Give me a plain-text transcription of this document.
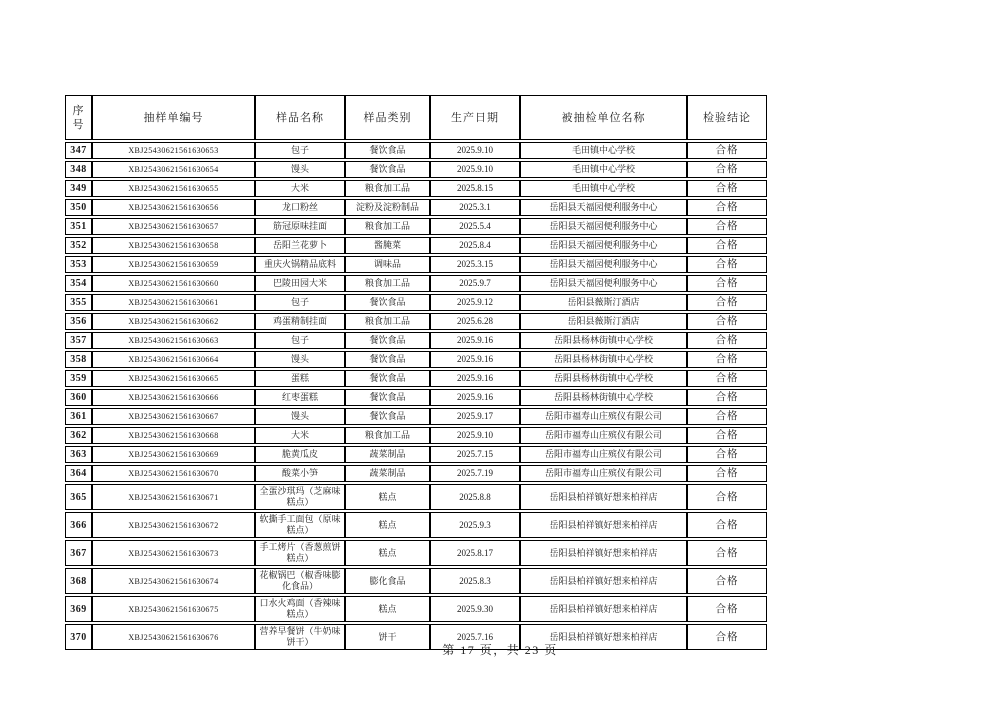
序号	抽样单编号	样品名称	样品类别	生产日期	被抽检单位名称	检验结论
347	XBJ25430621561630653	包子	餐饮食品	2025.9.10	毛田镇中心学校	合格
348	XBJ25430621561630654	馒头	餐饮食品	2025.9.10	毛田镇中心学校	合格
349	XBJ25430621561630655	大米	粮食加工品	2025.8.15	毛田镇中心学校	合格
350	XBJ25430621561630656	龙口粉丝	淀粉及淀粉制品	2025.3.1	岳阳县天福园便利服务中心	合格
351	XBJ25430621561630657	筋冠原味挂面	粮食加工品	2025.5.4	岳阳县天福园便利服务中心	合格
352	XBJ25430621561630658	岳阳兰花萝卜	酱腌菜	2025.8.4	岳阳县天福园便利服务中心	合格
353	XBJ25430621561630659	重庆火锅精品底料	调味品	2025.3.15	岳阳县天福园便利服务中心	合格
354	XBJ25430621561630660	巴陵田园大米	粮食加工品	2025.9.7	岳阳县天福园便利服务中心	合格
355	XBJ25430621561630661	包子	餐饮食品	2025.9.12	岳阳县薇斯汀酒店	合格
356	XBJ25430621561630662	鸡蛋精制挂面	粮食加工品	2025.6.28	岳阳县薇斯汀酒店	合格
357	XBJ25430621561630663	包子	餐饮食品	2025.9.16	岳阳县杨林街镇中心学校	合格
358	XBJ25430621561630664	馒头	餐饮食品	2025.9.16	岳阳县杨林街镇中心学校	合格
359	XBJ25430621561630665	蛋糕	餐饮食品	2025.9.16	岳阳县杨林街镇中心学校	合格
360	XBJ25430621561630666	红枣蛋糕	餐饮食品	2025.9.16	岳阳县杨林街镇中心学校	合格
361	XBJ25430621561630667	馒头	餐饮食品	2025.9.17	岳阳市福寿山庄殡仪有限公司	合格
362	XBJ25430621561630668	大米	粮食加工品	2025.9.10	岳阳市福寿山庄殡仪有限公司	合格
363	XBJ25430621561630669	脆黄瓜皮	蔬菜制品	2025.7.15	岳阳市福寿山庄殡仪有限公司	合格
364	XBJ25430621561630670	酸菜小笋	蔬菜制品	2025.7.19	岳阳市福寿山庄殡仪有限公司	合格
365	XBJ25430621561630671	全蛋沙琪玛（芝麻味糕点）	糕点	2025.8.8	岳阳县柏祥镇好想来柏祥店	合格
366	XBJ25430621561630672	软撕手工面包（原味糕点）	糕点	2025.9.3	岳阳县柏祥镇好想来柏祥店	合格
367	XBJ25430621561630673	手工烤片（香葱煎饼糕点）	糕点	2025.8.17	岳阳县柏祥镇好想来柏祥店	合格
368	XBJ25430621561630674	花椒锅巴（椒香味膨化食品）	膨化食品	2025.8.3	岳阳县柏祥镇好想来柏祥店	合格
369	XBJ25430621561630675	口水火鸡面（香辣味糕点）	糕点	2025.9.30	岳阳县柏祥镇好想来柏祥店	合格
370	XBJ25430621561630676	营养早餐饼（牛奶味饼干）	饼干	2025.7.16	岳阳县柏祥镇好想来柏祥店	合格
第 17 页，共 23 页
